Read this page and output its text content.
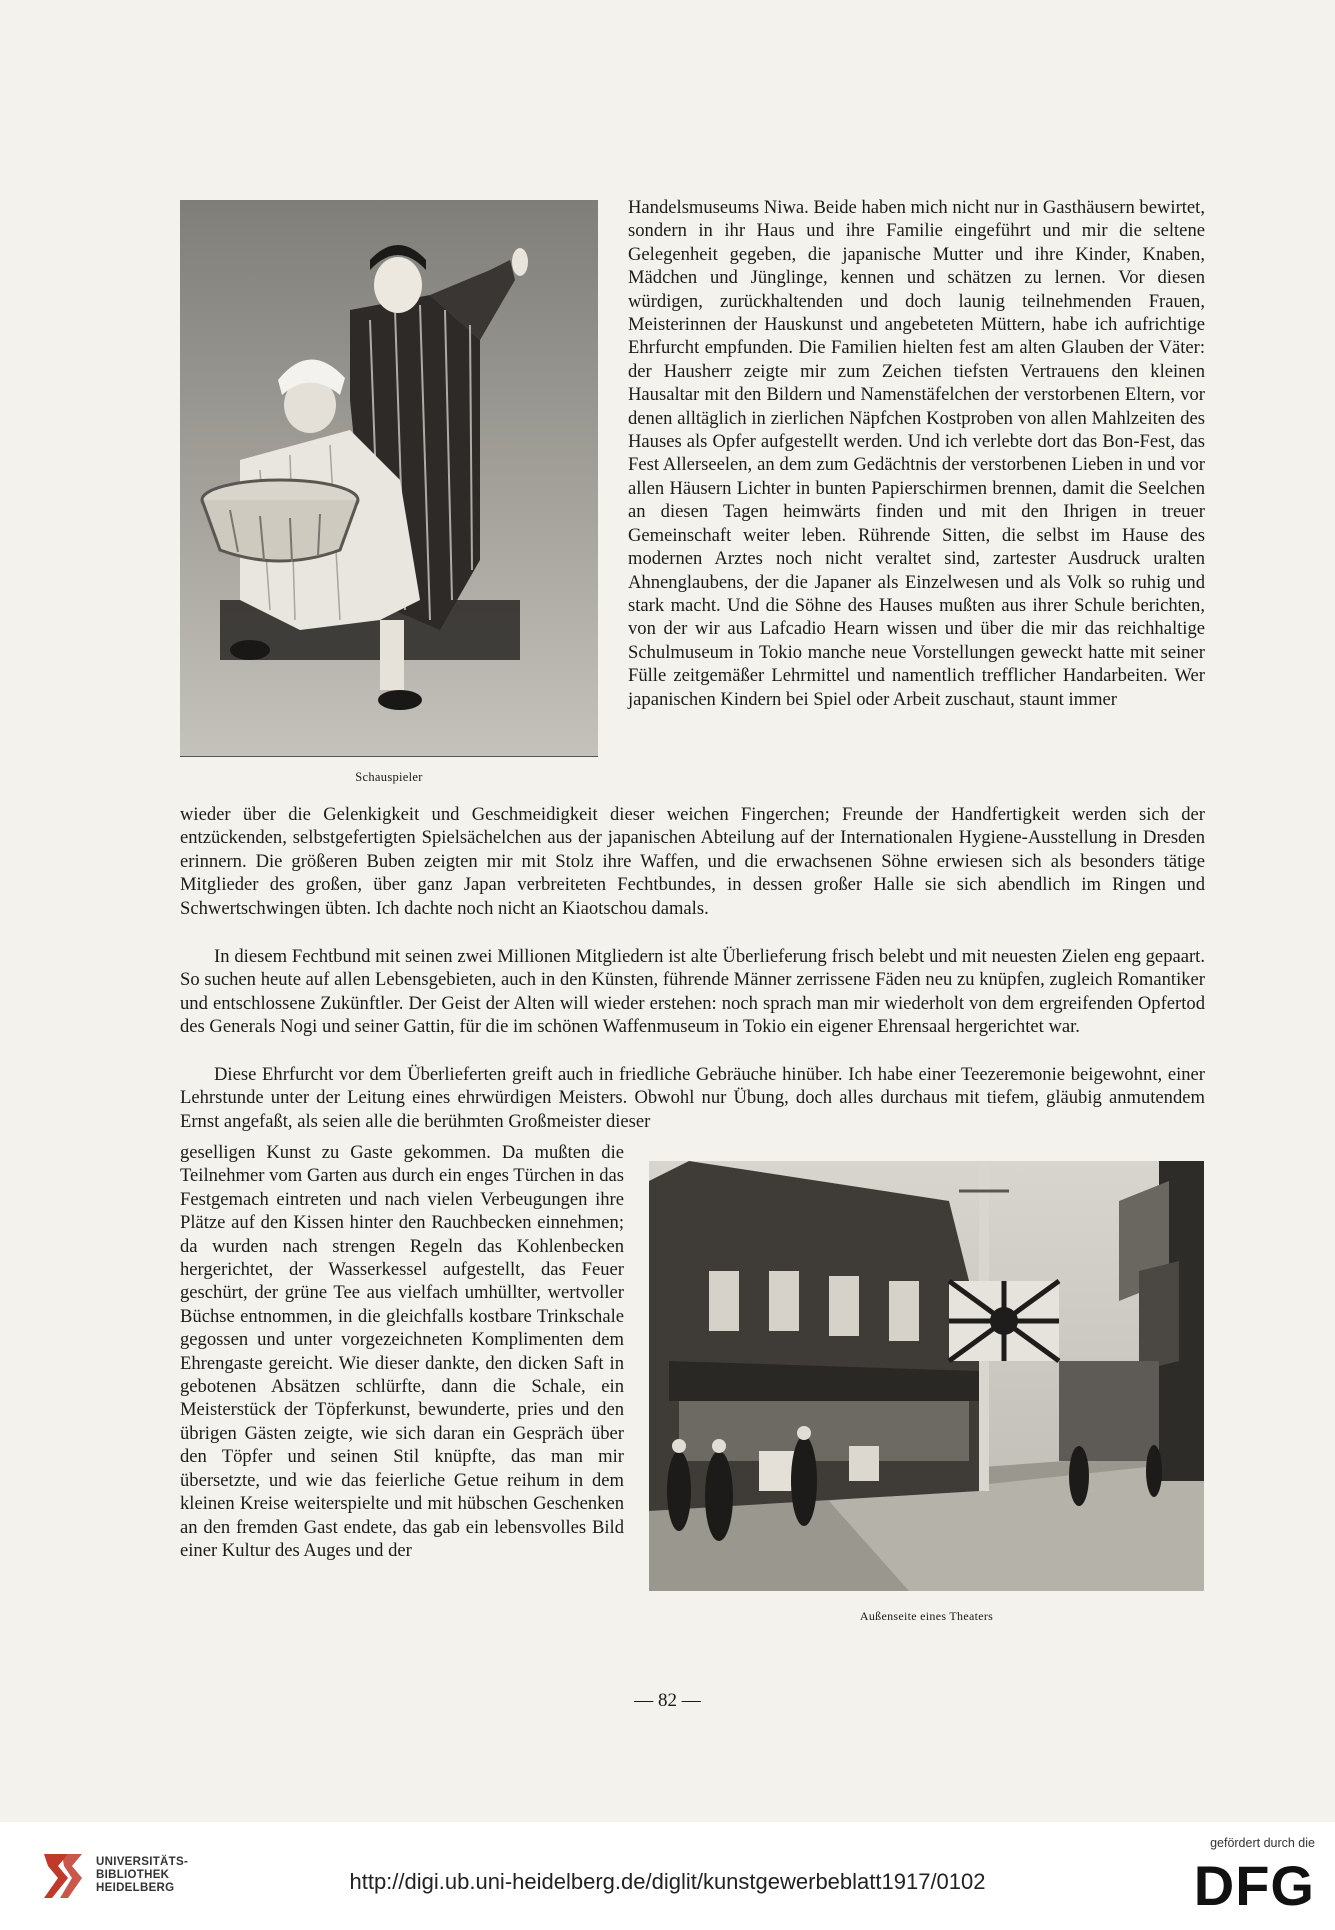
Schauspieler

Handelsmuseums Niwa. Beide haben mich nicht nur in Gasthäusern bewirtet, sondern in ihr Haus und ihre Familie eingeführt und mir die seltene Gelegenheit gegeben, die japanische Mutter und ihre Kinder, Knaben, Mädchen und Jünglinge, kennen und schätzen zu lernen. Vor diesen würdigen, zurückhaltenden und doch launig teilnehmenden Frauen, Meisterinnen der Hauskunst und angebeteten Müttern, habe ich aufrichtige Ehrfurcht empfunden. Die Familien hielten fest am alten Glauben der Väter: der Hausherr zeigte mir zum Zeichen tiefsten Vertrauens den kleinen Hausaltar mit den Bildern und Namenstäfelchen der verstorbenen Eltern, vor denen alltäglich in zierlichen Näpfchen Kostproben von allen Mahlzeiten des Hauses als Opfer aufgestellt werden. Und ich verlebte dort das Bon-Fest, das Fest Allerseelen, an dem zum Gedächtnis der verstorbenen Lieben in und vor allen Häusern Lichter in bunten Papierschirmen brennen, damit die Seelchen an diesen Tagen heimwärts finden und mit den Ihrigen in treuer Gemeinschaft weiter leben. Rührende Sitten, die selbst im Hause des modernen Arztes noch nicht veraltet sind, zartester Ausdruck uralten Ahnenglaubens, der die Japaner als Einzelwesen und als Volk so ruhig und stark macht. Und die Söhne des Hauses mußten aus ihrer Schule berichten, von der wir aus Lafcadio Hearn wissen und über die mir das reichhaltige Schulmuseum in Tokio manche neue Vorstellungen geweckt hatte mit seiner Fülle zeitgemäßer Lehrmittel und namentlich trefflicher Handarbeiten. Wer japanischen Kindern bei Spiel oder Arbeit zuschaut, staunt immer

wieder über die Gelenkigkeit und Geschmeidigkeit dieser weichen Fingerchen; Freunde der Handfertigkeit werden sich der entzückenden, selbstgefertigten Spielsächelchen aus der japanischen Abteilung auf der Internationalen Hygiene-Ausstellung in Dresden erinnern. Die größeren Buben zeigten mir mit Stolz ihre Waffen, und die erwachsenen Söhne erwiesen sich als besonders tätige Mitglieder des großen, über ganz Japan verbreiteten Fechtbundes, in dessen großer Halle sie sich abendlich im Ringen und Schwertschwingen übten. Ich dachte noch nicht an Kiaotschou damals.

In diesem Fechtbund mit seinen zwei Millionen Mitgliedern ist alte Überlieferung frisch belebt und mit neuesten Zielen eng gepaart. So suchen heute auf allen Lebensgebieten, auch in den Künsten, führende Männer zerrissene Fäden neu zu knüpfen, zugleich Romantiker und entschlossene Zukünftler. Der Geist der Alten will wieder erstehen: noch sprach man mir wiederholt von dem ergreifenden Opfertod des Generals Nogi und seiner Gattin, für die im schönen Waffenmuseum in Tokio ein eigener Ehrensaal hergerichtet war.

Diese Ehrfurcht vor dem Überlieferten greift auch in friedliche Gebräuche hinüber. Ich habe einer Teezeremonie beigewohnt, einer Lehrstunde unter der Leitung eines ehrwürdigen Meisters. Obwohl nur Übung, doch alles durchaus mit tiefem, gläubig anmutendem Ernst angefaßt, als seien alle die berühmten Großmeister dieser

geselligen Kunst zu Gaste gekommen. Da mußten die Teilnehmer vom Garten aus durch ein enges Türchen in das Festgemach eintreten und nach vielen Verbeugungen ihre Plätze auf den Kissen hinter den Rauchbecken einnehmen; da wurden nach strengen Regeln das Kohlenbecken hergerichtet, der Wasserkessel aufgestellt, das Feuer geschürt, der grüne Tee aus vielfach umhüllter, wertvoller Büchse entnommen, in die gleichfalls kostbare Trinkschale gegossen und unter vorgezeichneten Komplimenten dem Ehrengaste gereicht. Wie dieser dankte, den dicken Saft in gebotenen Absätzen schlürfte, dann die Schale, ein Meisterstück der Töpferkunst, bewunderte, pries und den übrigen Gästen zeigte, wie sich daran ein Gespräch über den Töpfer und seinen Stil knüpfte, das man mir übersetzte, und wie das feierliche Getue reihum in dem kleinen Kreise weiterspielte und mit hübschen Geschenken an den fremden Gast endete, das gab ein lebensvolles Bild einer Kultur des Auges und der

Außenseite eines Theaters
— 82 —
UNIVERSITÄTS-
BIBLIOTHEK
HEIDELBERG	http://digi.ub.uni-heidelberg.de/diglit/kunstgewerbeblatt1917/0102
gefördert durch die
DFG
